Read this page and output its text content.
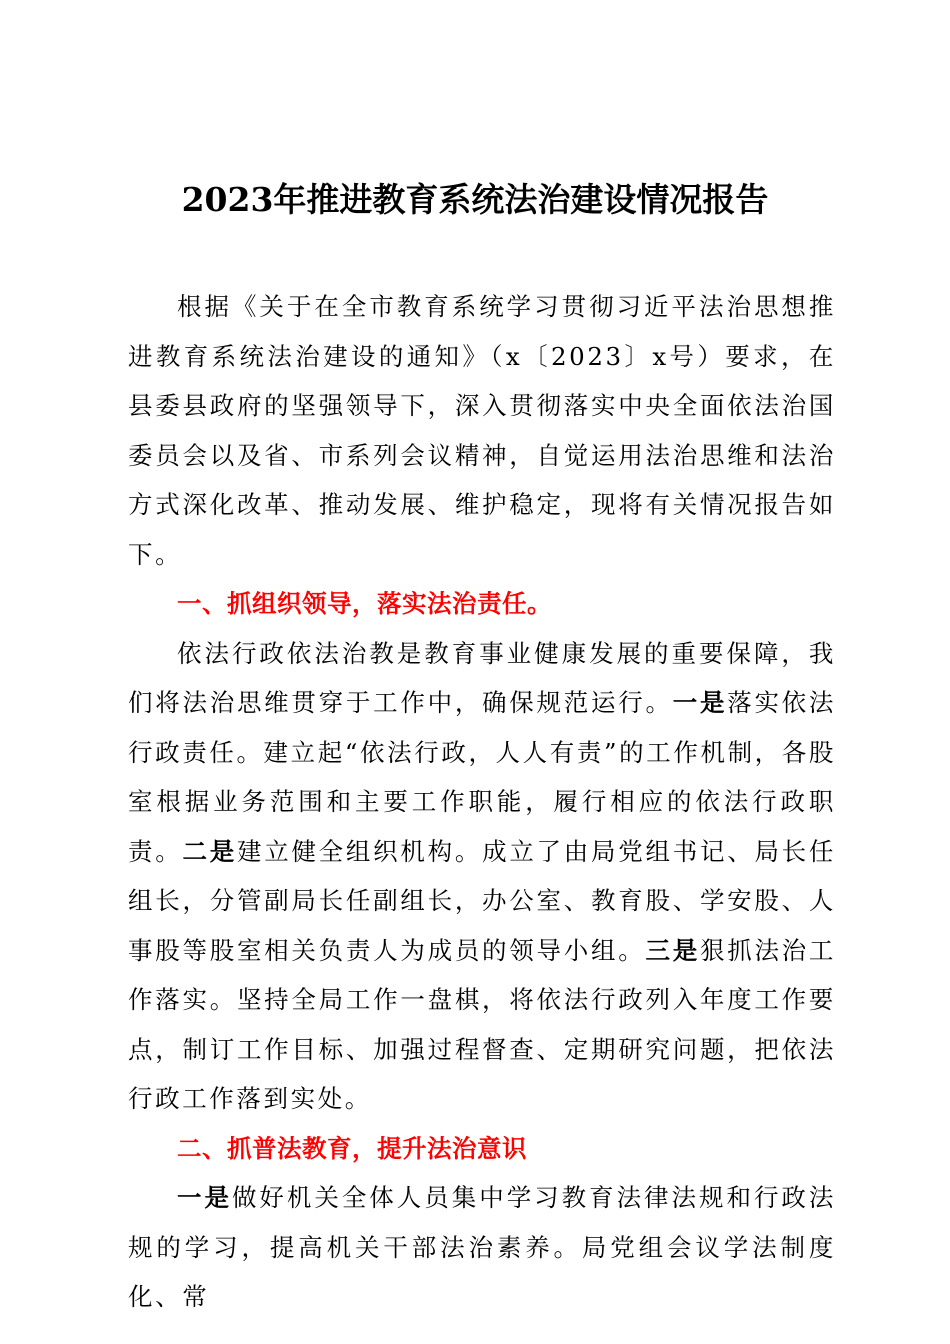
2023年推进教育系统法治建设情况报告

根据《关于在全市教育系统学习贯彻习近平法治思想推进教育系统法治建设的通知》（x〔2023〕x号）要求，在县委县政府的坚强领导下，深入贯彻落实中央全面依法治国委员会以及省、市系列会议精神，自觉运用法治思维和法治方式深化改革、推动发展、维护稳定，现将有关情况报告如下。

一、抓组织领导，落实法治责任。

依法行政依法治教是教育事业健康发展的重要保障，我们将法治思维贯穿于工作中，确保规范运行。一是落实依法行政责任。建立起“依法行政，人人有责”的工作机制，各股室根据业务范围和主要工作职能，履行相应的依法行政职责。二是建立健全组织机构。成立了由局党组书记、局长任组长，分管副局长任副组长，办公室、教育股、学安股、人事股等股室相关负责人为成员的领导小组。三是狠抓法治工作落实。坚持全局工作一盘棋，将依法行政列入年度工作要点，制订工作目标、加强过程督查、定期研究问题，把依法行政工作落到实处。

二、抓普法教育，提升法治意识

一是做好机关全体人员集中学习教育法律法规和行政法规的学习，提高机关干部法治素养。局党组会议学法制度化、常
